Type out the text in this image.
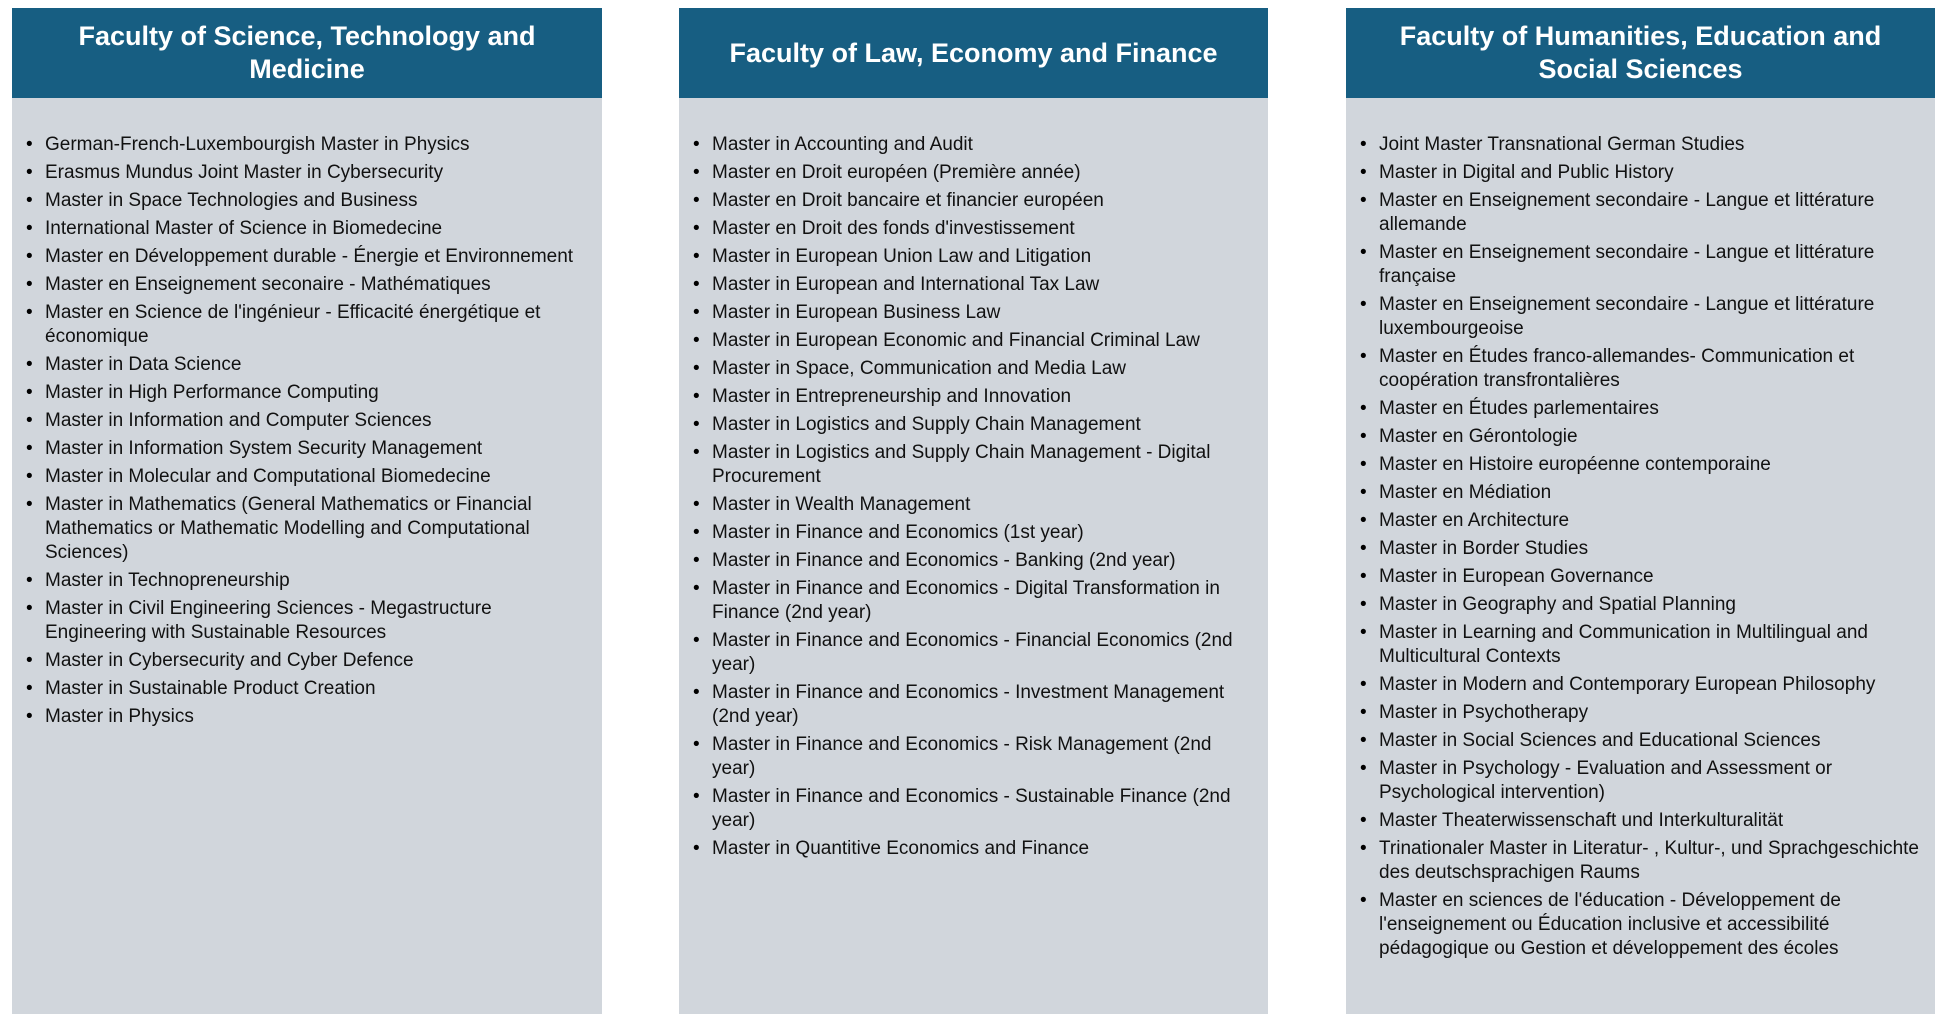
Faculty of Science, Technology and Medicine
• German-French-Luxembourgish Master in Physics
• Erasmus Mundus Joint Master in Cybersecurity
• Master in Space Technologies and Business
• International Master of Science in Biomedecine
• Master en Développement durable - Énergie et Environnement
• Master en Enseignement seconaire - Mathématiques
• Master en Science de l'ingénieur - Efficacité énergétique et économique
• Master in Data Science
• Master in High Performance Computing
• Master in Information and Computer Sciences
• Master in Information System Security Management
• Master in Molecular and Computational Biomedecine
• Master in Mathematics (General Mathematics or Financial Mathematics or Mathematic Modelling and Computational Sciences)
• Master in Technopreneurship
• Master in Civil Engineering Sciences - Megastructure Engineering with Sustainable Resources
• Master in Cybersecurity and Cyber Defence
• Master in Sustainable Product Creation
• Master in Physics
Faculty of Law, Economy and Finance
• Master in Accounting and Audit
• Master en Droit européen (Première année)
• Master en Droit bancaire et financier européen
• Master en Droit des fonds d'investissement
• Master in European Union Law and Litigation
• Master in European and International Tax Law
• Master in European Business Law
• Master in European Economic and Financial Criminal Law
• Master in Space, Communication and Media Law
• Master in Entrepreneurship and Innovation
• Master in Logistics and Supply Chain Management
• Master in Logistics and Supply Chain Management - Digital Procurement
• Master in Wealth Management
• Master in Finance and Economics (1st year)
• Master in Finance and Economics - Banking (2nd year)
• Master in Finance and Economics - Digital Transformation in Finance (2nd year)
• Master in Finance and Economics - Financial Economics (2nd year)
• Master in Finance and Economics - Investment Management (2nd year)
• Master in Finance and Economics - Risk Management (2nd year)
• Master in Finance and Economics - Sustainable Finance (2nd year)
• Master in Quantitive Economics and Finance
Faculty of Humanities, Education and Social Sciences
• Joint Master Transnational German Studies
• Master in Digital and Public History
• Master en Enseignement secondaire - Langue et littérature allemande
• Master en Enseignement secondaire - Langue et littérature française
• Master en Enseignement secondaire - Langue et littérature luxembourgeoise
• Master en Études franco-allemandes- Communication et coopération transfrontalières
• Master en Études parlementaires
• Master en Gérontologie
• Master en Histoire européenne contemporaine
• Master en Médiation
• Master en Architecture
• Master in Border Studies
• Master in European Governance
• Master in Geography and Spatial Planning
• Master in Learning and Communication in Multilingual and Multicultural Contexts
• Master in Modern and Contemporary European Philosophy
• Master in Psychotherapy
• Master in Social Sciences and Educational Sciences
• Master in Psychology - Evaluation and Assessment or Psychological intervention)
• Master Theaterwissenschaft und Interkulturalität
• Trinationaler Master in Literatur- , Kultur-, und Sprachgeschichte des deutschsprachigen Raums
• Master en sciences de l'éducation - Développement de l'enseignement ou Éducation inclusive et accessibilité pédagogique ou Gestion et développement des écoles
